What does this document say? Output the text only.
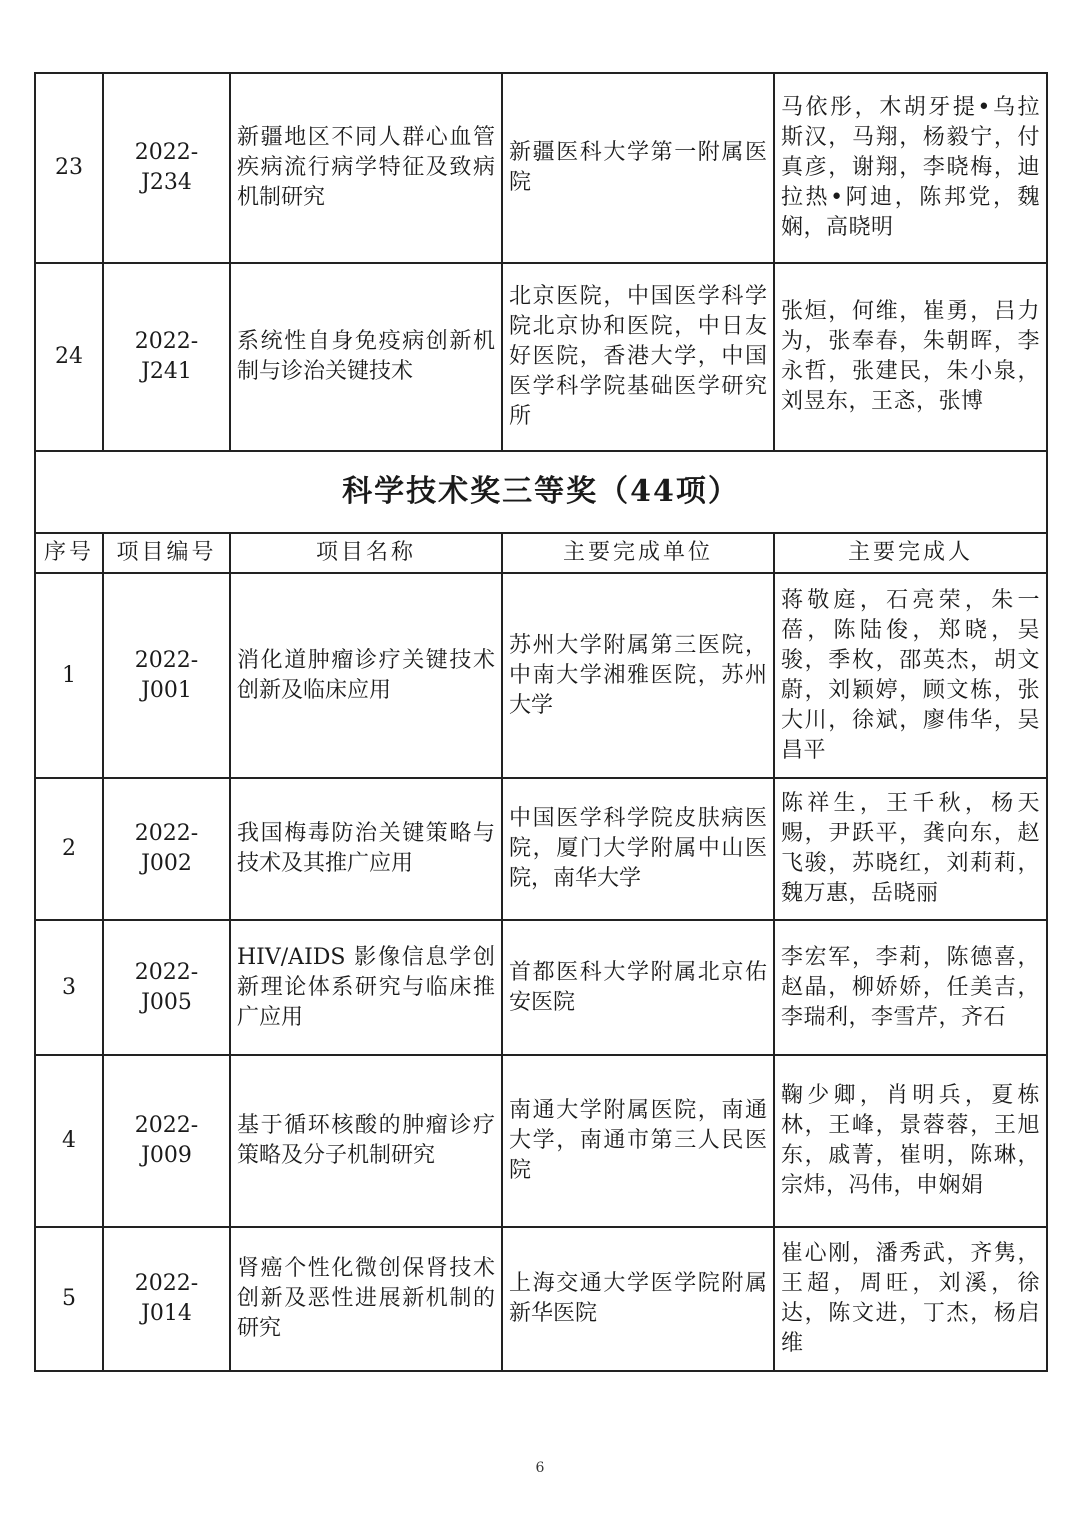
23	2022-J234	新疆地区不同人群心血管疾病流行病学特征及致病机制研究	新疆医科大学第一附属医院	马依彤，木胡牙提•乌拉斯汉，马翔，杨毅宁，付真彦，谢翔，李晓梅，迪拉热•阿迪，陈邦党，魏娴，高晓明
24	2022-J241	系统性自身免疫病创新机制与诊治关键技术	北京医院，中国医学科学院北京协和医院，中日友好医院，香港大学，中国医学科学院基础医学研究所	张烜，何维，崔勇，吕力为，张奉春，朱朝晖，李永哲，张建民，朱小泉，刘昱东，王忞，张博
科学技术奖三等奖（44项）				
序号	项目编号	项目名称	主要完成单位	主要完成人
1	2022-J001	消化道肿瘤诊疗关键技术创新及临床应用	苏州大学附属第三医院，中南大学湘雅医院，苏州大学	蒋敬庭，石亮荣，朱一蓓，陈陆俊，郑晓，吴骏，季枚，邵英杰，胡文蔚，刘颖婷，顾文栋，张大川，徐斌，廖伟华，吴昌平
2	2022-J002	我国梅毒防治关键策略与技术及其推广应用	中国医学科学院皮肤病医院，厦门大学附属中山医院，南华大学	陈祥生，王千秋，杨天赐，尹跃平，龚向东，赵飞骏，苏晓红，刘莉莉，魏万惠，岳晓丽
3	2022-J005	HIV/AIDS 影像信息学创新理论体系研究与临床推广应用	首都医科大学附属北京佑安医院	李宏军，李莉，陈德喜，赵晶，柳娇娇，任美吉，李瑞利，李雪芹，齐石
4	2022-J009	基于循环核酸的肿瘤诊疗策略及分子机制研究	南通大学附属医院，南通大学，南通市第三人民医院	鞠少卿，肖明兵，夏栋林，王峰，景蓉蓉，王旭东，戚菁，崔明，陈琳，宗炜，冯伟，申娴娟
5	2022-J014	肾癌个性化微创保肾技术创新及恶性进展新机制的研究	上海交通大学医学院附属新华医院	崔心刚，潘秀武，齐隽，王超，周旺，刘溪，徐达，陈文进，丁杰，杨启维
6
